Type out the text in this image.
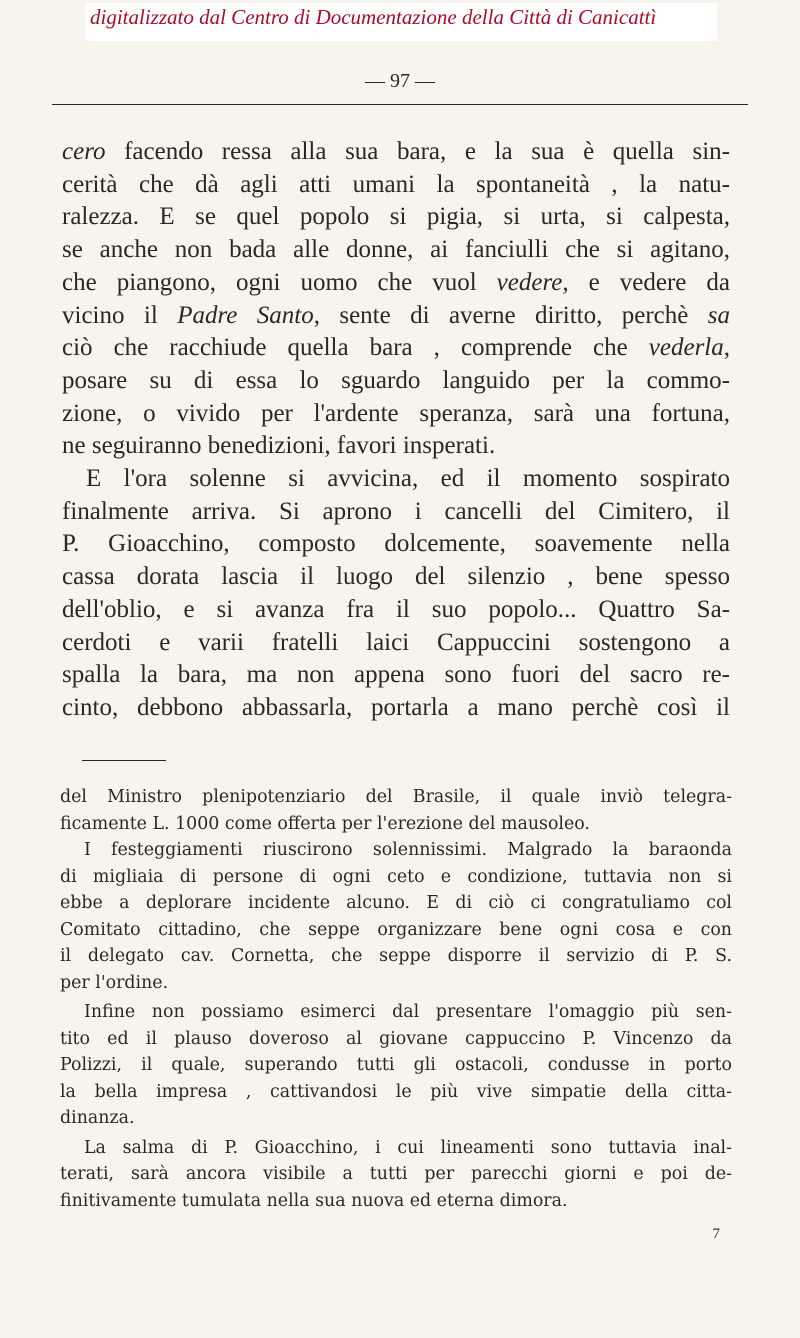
digitalizzato dal Centro di Documentazione della Città di Canicattì
— 97 —
cero facendo ressa alla sua bara, e la sua è quella sin-
cerità che dà agli atti umani la spontaneità , la natu-
ralezza. E se quel popolo si pigia, si urta, si calpesta,
se anche non bada alle donne, ai fanciulli che si agitano,
che piangono, ogni uomo che vuol vedere, e vedere da
vicino il Padre Santo, sente di averne diritto, perchè sa
ciò che racchiude quella bara , comprende che vederla,
posare su di essa lo sguardo languido per la commo-
zione, o vivido per l'ardente speranza, sarà una fortuna,
ne seguiranno benedizioni, favori insperati.
E l'ora solenne si avvicina, ed il momento sospirato
finalmente arriva. Si aprono i cancelli del Cimitero, il
P. Gioacchino, composto dolcemente, soavemente nella
cassa dorata lascia il luogo del silenzio , bene spesso
dell'oblio, e si avanza fra il suo popolo... Quattro Sa-
cerdoti e varii fratelli laici Cappuccini sostengono a
spalla la bara, ma non appena sono fuori del sacro re-
cinto, debbono abbassarla, portarla a mano perchè così il
del Ministro plenipotenziario del Brasile, il quale inviò telegra-
ficamente L. 1000 come offerta per l'erezione del mausoleo.
I festeggiamenti riuscirono solennissimi. Malgrado la baraonda
di migliaia di persone di ogni ceto e condizione, tuttavia non si
ebbe a deplorare incidente alcuno. E di ciò ci congratuliamo col
Comitato cittadino, che seppe organizzare bene ogni cosa e con
il delegato cav. Cornetta, che seppe disporre il servizio di P. S.
per l'ordine.
Infine non possiamo esimerci dal presentare l'omaggio più sen-
tito ed il plauso doveroso al giovane cappuccino P. Vincenzo da
Polizzi, il quale, superando tutti gli ostacoli, condusse in porto
la bella impresa , cattivandosi le più vive simpatie della citta-
dinanza.
La salma di P. Gioacchino, i cui lineamenti sono tuttavia inal-
terati, sarà ancora visibile a tutti per parecchi giorni e poi de-
finitivamente tumulata nella sua nuova ed eterna dimora.
7
